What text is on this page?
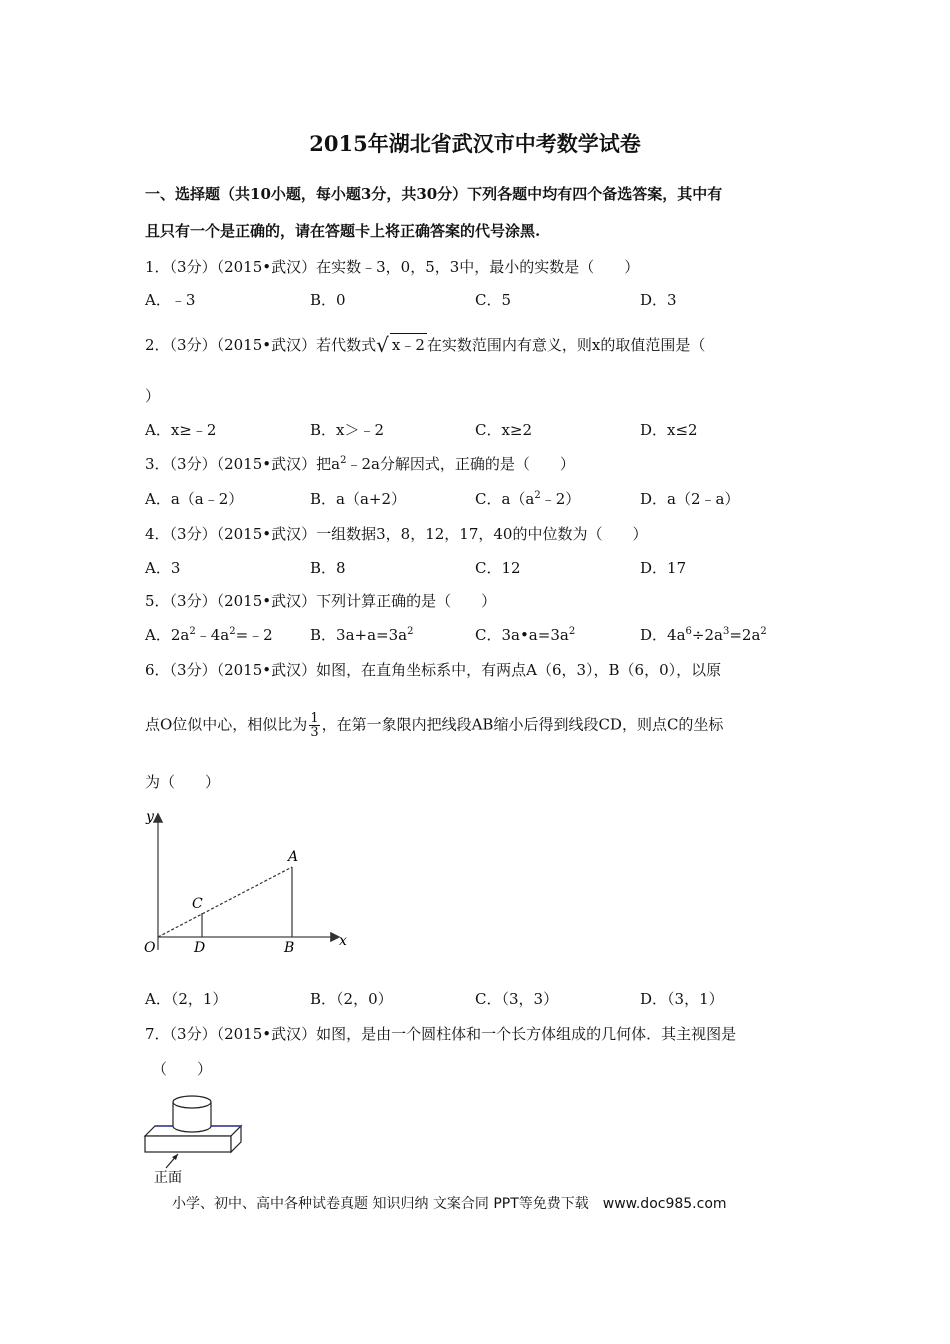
2015年湖北省武汉市中考数学试卷
一、选择题（共10小题，每小题3分，共30分）下列各题中均有四个备选答案，其中有
且只有一个是正确的，请在答题卡上将正确答案的代号涂黑.
1．（3分）（2015•武汉）在实数﹣3，0，5，3中，最小的实数是（　　）
A．﹣3	B．0	C．5	D．3
2．（3分）（2015•武汉）若代数式√ x﹣2 在实数范围内有意义，则x的取值范围是（
）
A．x≥﹣2	B．x＞﹣2	C．x≥2	D．x≤2
3．（3分）（2015•武汉）把$a^2﹣2a$分解因式，正确的是（　　）
A．a（a﹣2）	B．a（a+2）	C．$a(a^2﹣2)$	D．a（2﹣a）
4．（3分）（2015•武汉）一组数据3，8，12，17，40的中位数为（　　）
A．3	B．8	C．12	D．17
5．（3分）（2015•武汉）下列计算正确的是（　　）
A．$2a^2﹣4a^2=﹣2$ B．$3a+a=3a^2$	C．$3a•a=3a^2$	D．$4a^6\div 2a^3=2a^2$
6．（3分）（2015•武汉）如图，在直角坐标系中，有两点A（6，3），B（6，0），以原
点O位似中心，相似比为 $\frac{1}{3}$ ，在第一象限内把线段AB缩小后得到线段CD，则点C的坐标
为（　　）
y
x
O
A
B
C
D
A．（2，1）	B．（2，0）	C．（3，3）	D．（3，1）
7．（3分）（2015•武汉）如图，是由一个圆柱体和一个长方体组成的几何体．其主视图是
（　　）
正面
小学、初中、高中各种试卷真题 知识归纳 文案合同 PPT等免费下载　www.doc985.com
